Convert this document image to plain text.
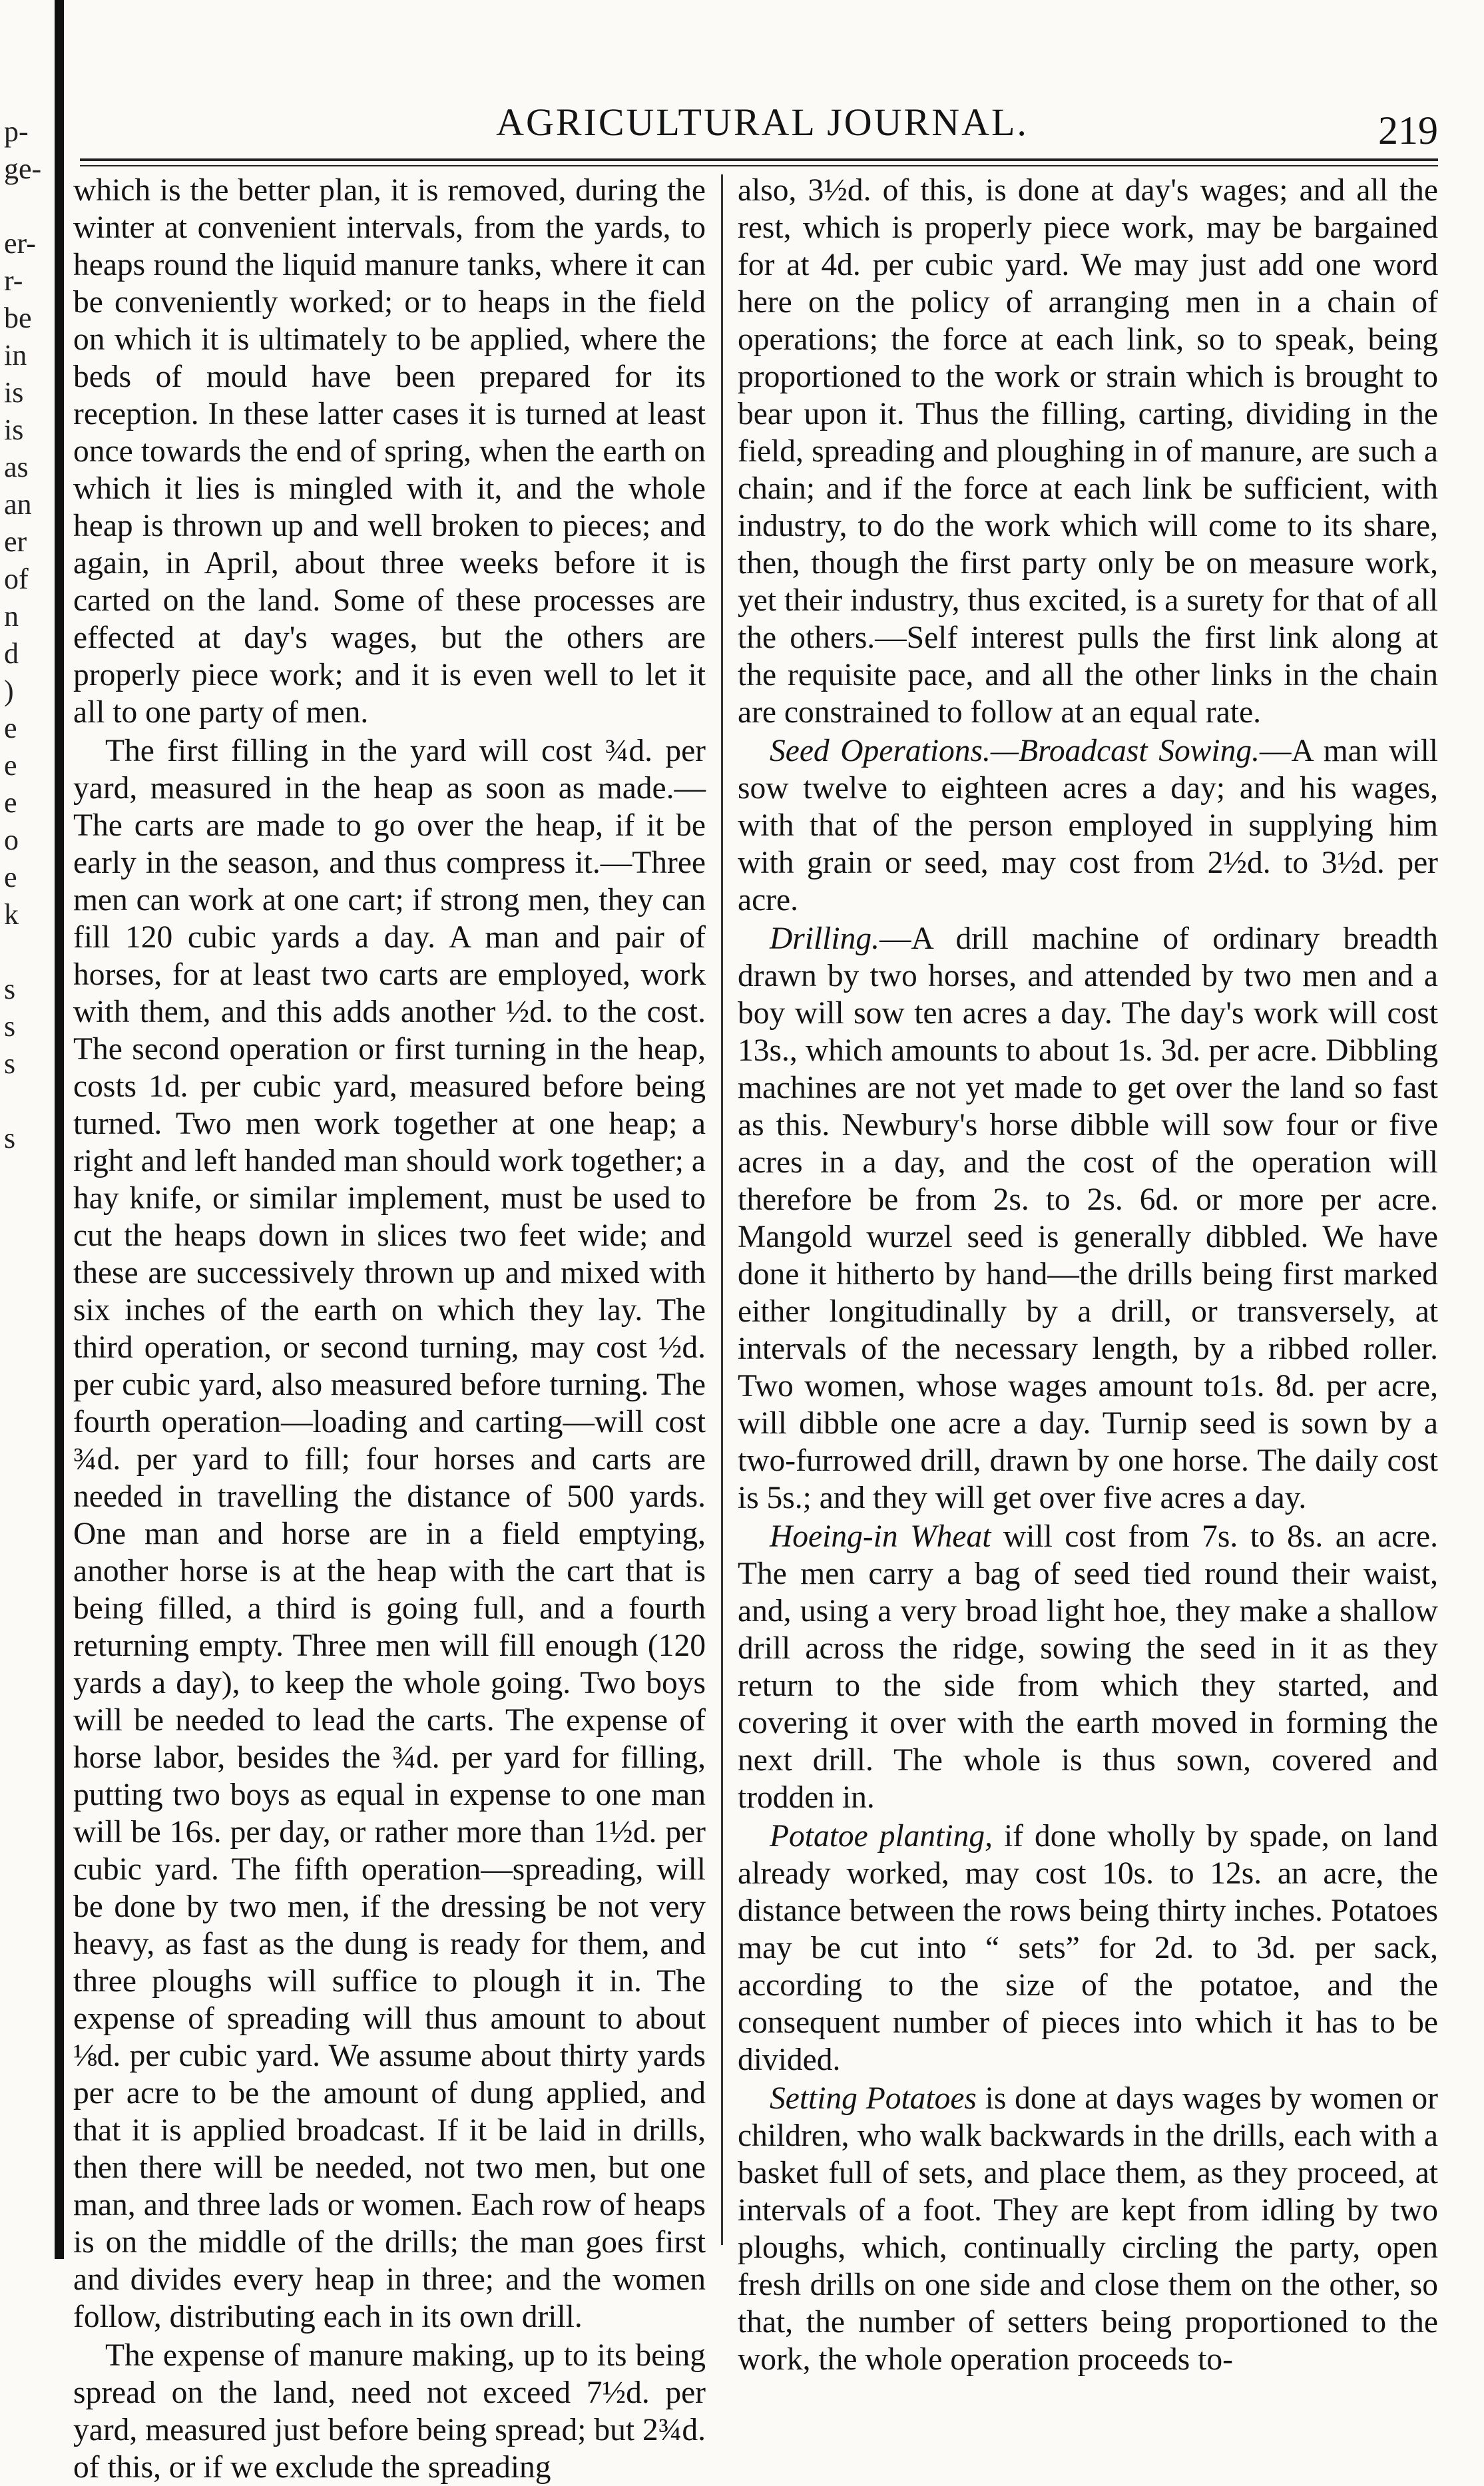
p-
ge-
er-
r-
be
in
is
is
as
an
er
of
n
d
)
e
e
e
o
e
k
s
s
s
s
AGRICULTURAL JOURNAL.	219

which is the better plan, it is removed, during the winter at convenient intervals, from the yards, to heaps round the liquid manure tanks, where it can be conveniently worked; or to heaps in the field on which it is ultimately to be applied, where the beds of mould have been prepared for its reception. In these latter cases it is turned at least once towards the end of spring, when the earth on which it lies is mingled with it, and the whole heap is thrown up and well broken to pieces; and again, in April, about three weeks before it is carted on the land. Some of these processes are effected at day's wages, but the others are properly piece work; and it is even well to let it all to one party of men.

The first filling in the yard will cost ¾d. per yard, measured in the heap as soon as made.—The carts are made to go over the heap, if it be early in the season, and thus compress it.—Three men can work at one cart; if strong men, they can fill 120 cubic yards a day. A man and pair of horses, for at least two carts are employed, work with them, and this adds another ½d. to the cost. The second operation or first turning in the heap, costs 1d. per cubic yard, measured before being turned. Two men work together at one heap; a right and left handed man should work together; a hay knife, or similar implement, must be used to cut the heaps down in slices two feet wide; and these are successively thrown up and mixed with six inches of the earth on which they lay. The third operation, or second turning, may cost ½d. per cubic yard, also measured before turning. The fourth operation—loading and carting—will cost ¾d. per yard to fill; four horses and carts are needed in travelling the distance of 500 yards. One man and horse are in a field emptying, another horse is at the heap with the cart that is being filled, a third is going full, and a fourth returning empty. Three men will fill enough (120 yards a day), to keep the whole going. Two boys will be needed to lead the carts. The expense of horse labor, besides the ¾d. per yard for filling, putting two boys as equal in expense to one man will be 16s. per day, or rather more than 1½d. per cubic yard. The fifth operation—spreading, will be done by two men, if the dressing be not very heavy, as fast as the dung is ready for them, and three ploughs will suffice to plough it in. The expense of spreading will thus amount to about ⅛d. per cubic yard. We assume about thirty yards per acre to be the amount of dung applied, and that it is applied broadcast. If it be laid in drills, then there will be needed, not two men, but one man, and three lads or women. Each row of heaps is on the middle of the drills; the man goes first and divides every heap in three; and the women follow, distributing each in its own drill.

The expense of manure making, up to its being spread on the land, need not exceed 7½d. per yard, measured just before being spread; but 2¾d. of this, or if we exclude the spreading

also, 3½d. of this, is done at day's wages; and all the rest, which is properly piece work, may be bargained for at 4d. per cubic yard. We may just add one word here on the policy of arranging men in a chain of operations; the force at each link, so to speak, being proportioned to the work or strain which is brought to bear upon it. Thus the filling, carting, dividing in the field, spreading and ploughing in of manure, are such a chain; and if the force at each link be sufficient, with industry, to do the work which will come to its share, then, though the first party only be on measure work, yet their industry, thus excited, is a surety for that of all the others.—Self interest pulls the first link along at the requisite pace, and all the other links in the chain are constrained to follow at an equal rate.

Seed Operations.—Broadcast Sowing.—A man will sow twelve to eighteen acres a day; and his wages, with that of the person employed in supplying him with grain or seed, may cost from 2½d. to 3½d. per acre.

Drilling.—A drill machine of ordinary breadth drawn by two horses, and attended by two men and a boy will sow ten acres a day. The day's work will cost 13s., which amounts to about 1s. 3d. per acre. Dibbling machines are not yet made to get over the land so fast as this. Newbury's horse dibble will sow four or five acres in a day, and the cost of the operation will therefore be from 2s. to 2s. 6d. or more per acre. Mangold wurzel seed is generally dibbled. We have done it hitherto by hand—the drills being first marked either longitudinally by a drill, or transversely, at intervals of the necessary length, by a ribbed roller. Two women, whose wages amount to1s. 8d. per acre, will dibble one acre a day. Turnip seed is sown by a two-furrowed drill, drawn by one horse. The daily cost is 5s.; and they will get over five acres a day.

Hoeing-in Wheat will cost from 7s. to 8s. an acre. The men carry a bag of seed tied round their waist, and, using a very broad light hoe, they make a shallow drill across the ridge, sowing the seed in it as they return to the side from which they started, and covering it over with the earth moved in forming the next drill. The whole is thus sown, covered and trodden in.

Potatoe planting, if done wholly by spade, on land already worked, may cost 10s. to 12s. an acre, the distance between the rows being thirty inches. Potatoes may be cut into “ sets” for 2d. to 3d. per sack, according to the size of the potatoe, and the consequent number of pieces into which it has to be divided.

Setting Potatoes is done at days wages by women or children, who walk backwards in the drills, each with a basket full of sets, and place them, as they proceed, at intervals of a foot. They are kept from idling by two ploughs, which, continually circling the party, open fresh drills on one side and close them on the other, so that, the number of setters being proportioned to the work, the whole operation proceeds to-
